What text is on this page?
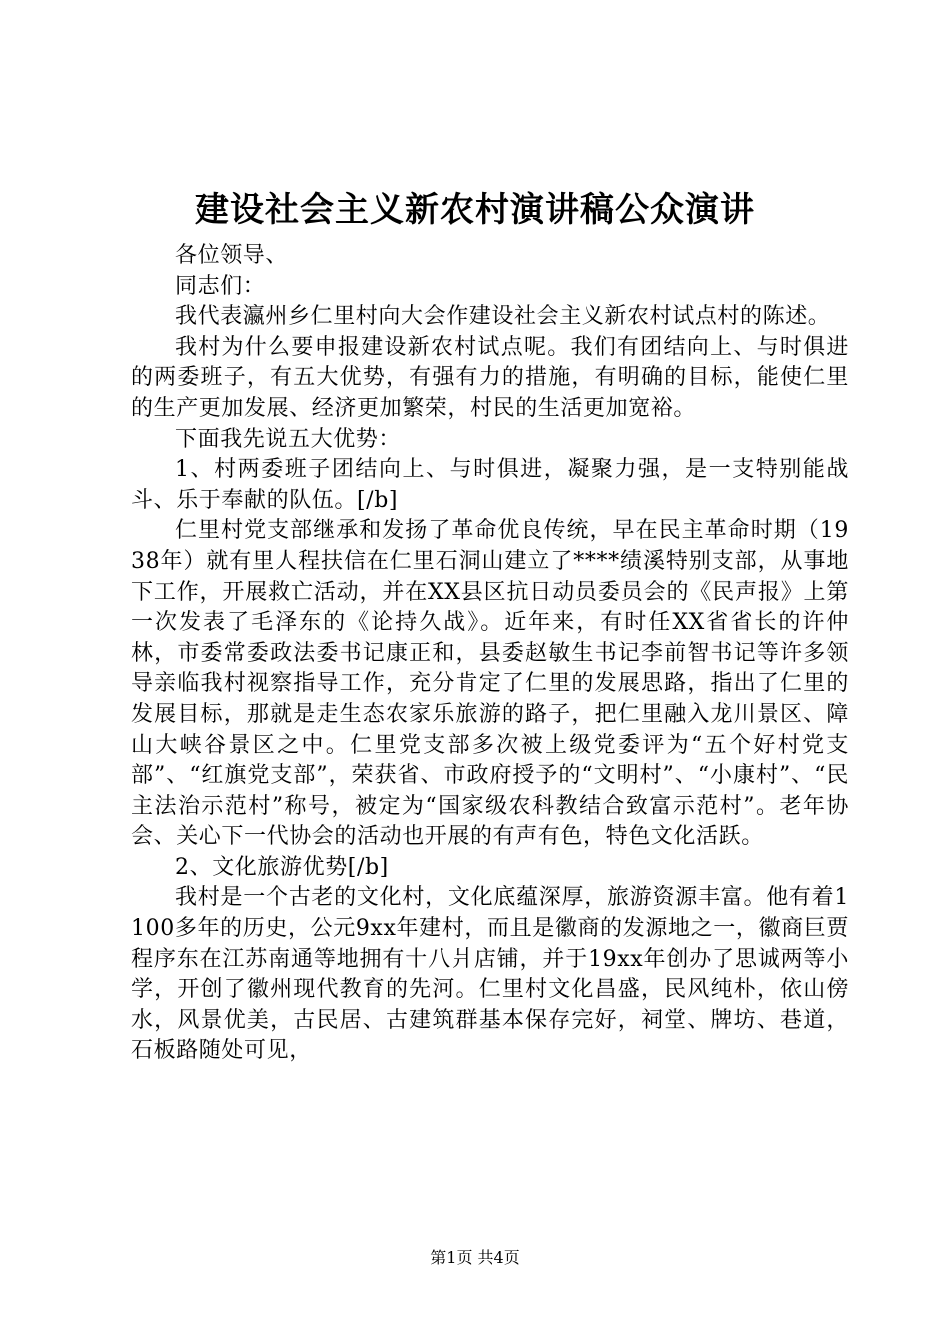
建设社会主义新农村演讲稿公众演讲

各位领导、

同志们：

我代表瀛州乡仁里村向大会作建设社会主义新农村试点村的陈述。

我村为什么要申报建设新农村试点呢。我们有团结向上、与时俱进的两委班子，有五大优势，有强有力的措施，有明确的目标，能使仁里的生产更加发展、经济更加繁荣，村民的生活更加宽裕。

下面我先说五大优势：

1、村两委班子团结向上、与时俱进，凝聚力强，是一支特别能战斗、乐于奉献的队伍。[/b]

仁里村党支部继承和发扬了革命优良传统，早在民主革命时期（1938年）就有里人程扶信在仁里石洞山建立了****绩溪特别支部，从事地下工作，开展救亡活动，并在XX县区抗日动员委员会的《民声报》上第一次发表了毛泽东的《论持久战》。近年来，有时任XX省省长的许仲林，市委常委政法委书记康正和，县委赵敏生书记李前智书记等许多领导亲临我村视察指导工作，充分肯定了仁里的发展思路，指出了仁里的发展目标，那就是走生态农家乐旅游的路子，把仁里融入龙川景区、障山大峡谷景区之中。仁里党支部多次被上级党委评为“五个好村党支部”、“红旗党支部”，荣获省、市政府授予的“文明村”、“小康村”、“民主法治示范村”称号，被定为“国家级农科教结合致富示范村”。老年协会、关心下一代协会的活动也开展的有声有色，特色文化活跃。

2、文化旅游优势[/b]

我村是一个古老的文化村，文化底蕴深厚，旅游资源丰富。他有着1100多年的历史，公元9xx年建村，而且是徽商的发源地之一，徽商巨贾程序东在江苏南通等地拥有十八爿店铺，并于19xx年创办了思诚两等小学，开创了徽州现代教育的先河。仁里村文化昌盛，民风纯朴，依山傍水，风景优美，古民居、古建筑群基本保存完好，祠堂、牌坊、巷道，石板路随处可见，

第1页 共4页
